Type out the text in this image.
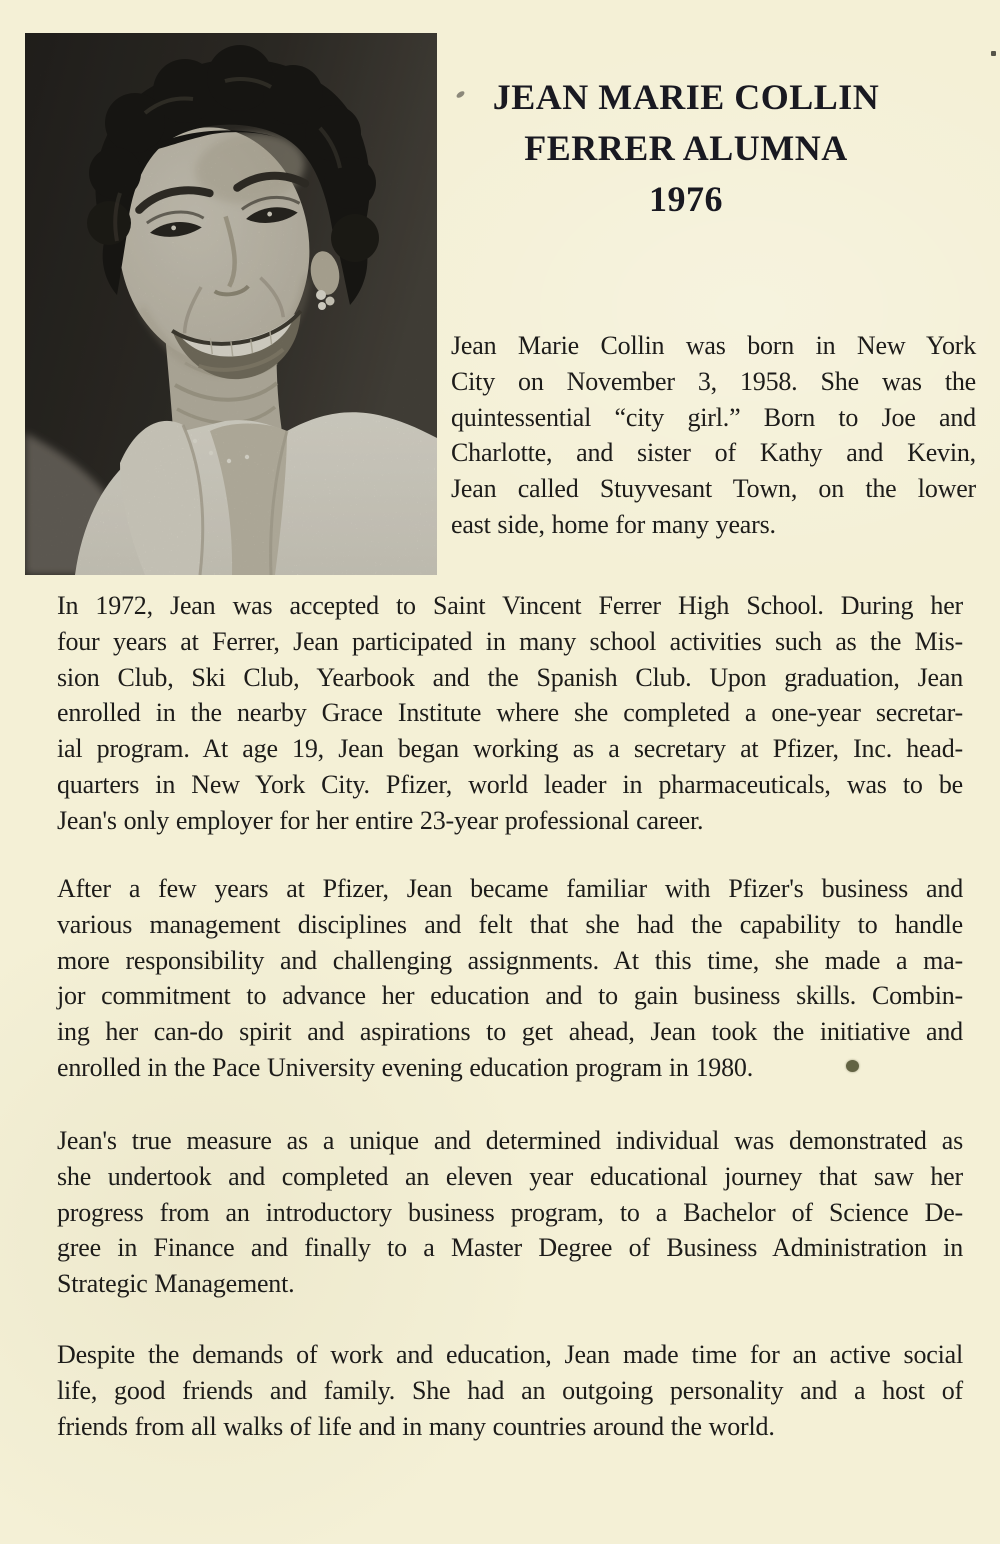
JEAN MARIE COLLIN
FERRER ALUMNA
1976
Jean Marie Collin was born in New York
City on November 3, 1958. She was the
quintessential “city girl.” Born to Joe and
Charlotte, and sister of Kathy and Kevin,
Jean called Stuyvesant Town, on the lower
east side, home for many years.
In 1972, Jean was accepted to Saint Vincent Ferrer High School. During her
four years at Ferrer, Jean participated in many school activities such as the Mis-
sion Club, Ski Club, Yearbook and the Spanish Club. Upon graduation, Jean
enrolled in the nearby Grace Institute where she completed a one-year secretar-
ial program. At age 19, Jean began working as a secretary at Pfizer, Inc. head-
quarters in New York City. Pfizer, world leader in pharmaceuticals, was to be
Jean's only employer for her entire 23-year professional career.
After a few years at Pfizer, Jean became familiar with Pfizer's business and
various management disciplines and felt that she had the capability to handle
more responsibility and challenging assignments. At this time, she made a ma-
jor commitment to advance her education and to gain business skills. Combin-
ing her can-do spirit and aspirations to get ahead, Jean took the initiative and
enrolled in the Pace University evening education program in 1980.
Jean's true measure as a unique and determined individual was demonstrated as
she undertook and completed an eleven year educational journey that saw her
progress from an introductory business program, to a Bachelor of Science De-
gree in Finance and finally to a Master Degree of Business Administration in
Strategic Management.
Despite the demands of work and education, Jean made time for an active social
life, good friends and family. She had an outgoing personality and a host of
friends from all walks of life and in many countries around the world.
